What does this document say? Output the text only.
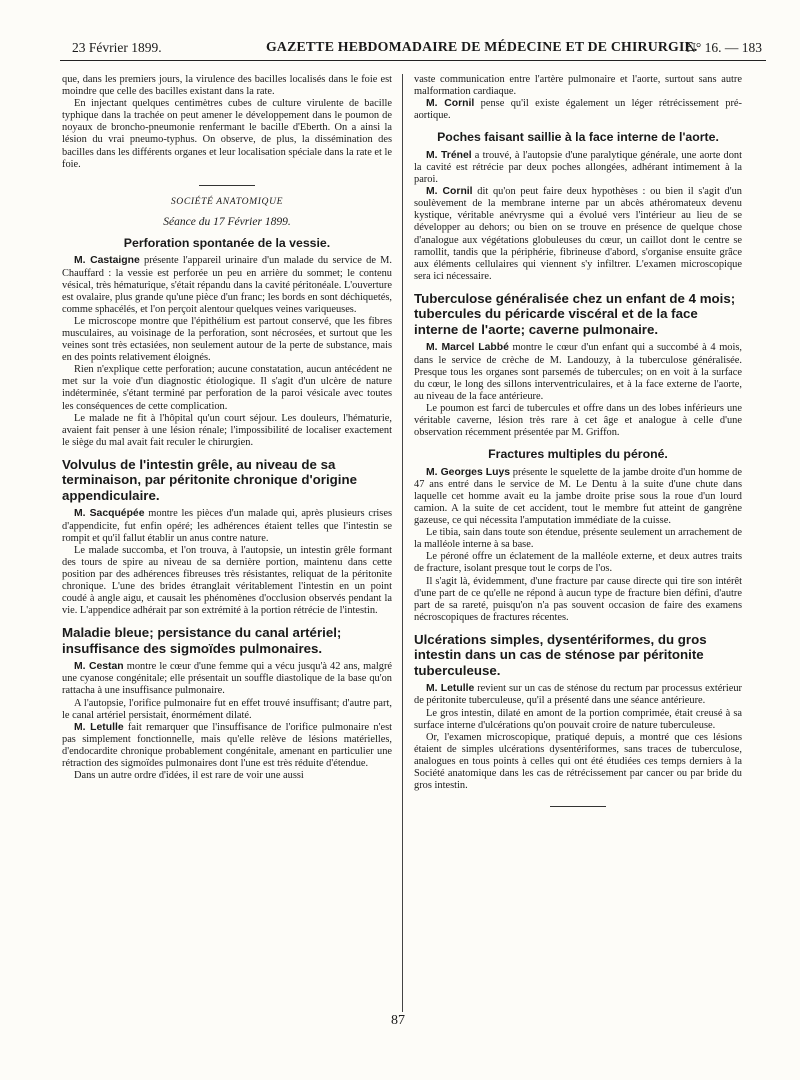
23 Février 1899.	GAZETTE HEBDOMADAIRE DE MÉDECINE ET DE CHIRURGIE.
N° 16. — 183

que, dans les premiers jours, la virulence des bacilles localisés dans le foie est moindre que celle des bacilles existant dans la rate.

En injectant quelques centimètres cubes de culture virulente de bacille typhique dans la trachée on peut amener le développement dans le poumon de noyaux de broncho-pneumonie renfermant le bacille d'Eberth. On a ainsi la lésion du vrai pneumo-typhus. On observe, de plus, la dissémination des bacilles dans les différents organes et leur localisation spéciale dans la rate et le foie.

SOCIÉTÉ ANATOMIQUE
Séance du 17 Février 1899.
Perforation spontanée de la vessie.

M. Castaigne présente l'appareil urinaire d'un malade du service de M. Chauffard : la vessie est perforée un peu en arrière du sommet; le contenu vésical, très hématurique, s'était répandu dans la cavité péritonéale. L'ouverture est ovalaire, plus grande qu'une pièce d'un franc; les bords en sont déchiquetés, comme sphacélés, et l'on perçoit alentour quelques veines variqueuses.

Le microscope montre que l'épithélium est partout conservé, que les fibres musculaires, au voisinage de la perforation, sont nécrosées, et surtout que les veines sont très ectasiées, non seulement autour de la perte de substance, mais en des points relativement éloignés.

Rien n'explique cette perforation; aucune constatation, aucun antécédent ne met sur la voie d'un diagnostic étiologique. Il s'agit d'un ulcère de nature indéterminée, s'étant terminé par perforation de la paroi vésicale avec toutes les conséquences de cette complication.

Le malade ne fit à l'hôpital qu'un court séjour. Les douleurs, l'hématurie, avaient fait penser à une lésion rénale; l'impossibilité de localiser exactement le siège du mal avait fait reculer le chirurgien.

Volvulus de l'intestin grêle, au niveau de sa terminaison, par péritonite chronique d'origine appendiculaire.

M. Sacquépée montre les pièces d'un malade qui, après plusieurs crises d'appendicite, fut enfin opéré; les adhérences étaient telles que l'intestin se rompit et qu'il fallut établir un anus contre nature.

Le malade succomba, et l'on trouva, à l'autopsie, un intestin grêle formant des tours de spire au niveau de sa dernière portion, maintenu dans cette position par des adhérences fibreuses très résistantes, reliquat de la péritonite chronique. L'une des brides étranglait véritablement l'intestin en un point coudé à angle aigu, et causait les phénomènes d'occlusion observés pendant la vie. L'appendice adhérait par son extrémité à la portion rétrécie de l'intestin.

Maladie bleue; persistance du canal artériel; insuffisance des sigmoïdes pulmonaires.

M. Cestan montre le cœur d'une femme qui a vécu jusqu'à 42 ans, malgré une cyanose congénitale; elle présentait un souffle diastolique de la base qu'on rattacha à une insuffisance pulmonaire.

A l'autopsie, l'orifice pulmonaire fut en effet trouvé insuffisant; d'autre part, le canal artériel persistait, énormément dilaté.

M. Letulle fait remarquer que l'insuffisance de l'orifice pulmonaire n'est pas simplement fonctionnelle, mais qu'elle relève de lésions matérielles, d'endocardite chronique probablement congénitale, amenant en particulier une rétraction des sigmoïdes pulmonaires dont l'une est très réduite d'étendue.

Dans un autre ordre d'idées, il est rare de voir une aussi

vaste communication entre l'artère pulmonaire et l'aorte, surtout sans autre malformation cardiaque.

M. Cornil pense qu'il existe également un léger rétrécissement pré-aortique.

Poches faisant saillie à la face interne de l'aorte.

M. Trénel a trouvé, à l'autopsie d'une paralytique générale, une aorte dont la cavité est rétrécie par deux poches allongées, adhérant intimement à la paroi.

M. Cornil dit qu'on peut faire deux hypothèses : ou bien il s'agit d'un soulèvement de la membrane interne par un abcès athéromateux devenu kystique, véritable anévrysme qui a évolué vers l'intérieur au lieu de se développer au dehors; ou bien on se trouve en présence de quelque chose d'analogue aux végétations globuleuses du cœur, un caillot dont le centre se ramollit, tandis que la périphérie, fibrineuse d'abord, s'organise ensuite grâce aux éléments cellulaires qui viennent s'y infiltrer. L'examen microscopique sera ici nécessaire.

Tuberculose généralisée chez un enfant de 4 mois; tubercules du péricarde viscéral et de la face interne de l'aorte; caverne pulmonaire.

M. Marcel Labbé montre le cœur d'un enfant qui a succombé à 4 mois, dans le service de crèche de M. Landouzy, à la tuberculose généralisée. Presque tous les organes sont parsemés de tubercules; on en voit à la surface du cœur, le long des sillons interventriculaires, et à la face externe de l'aorte, au niveau de la face antérieure.

Le poumon est farci de tubercules et offre dans un des lobes inférieurs une véritable caverne, lésion très rare à cet âge et analogue à celle d'une observation récemment présentée par M. Griffon.

Fractures multiples du péroné.

M. Georges Luys présente le squelette de la jambe droite d'un homme de 47 ans entré dans le service de M. Le Dentu à la suite d'une chute dans laquelle cet homme avait eu la jambe droite prise sous la roue d'un lourd camion. A la suite de cet accident, tout le membre fut atteint de gangrène gazeuse, ce qui nécessita l'amputation immédiate de la cuisse.

Le tibia, sain dans toute son étendue, présente seulement un arrachement de la malléole interne à sa base.

Le péroné offre un éclatement de la malléole externe, et deux autres traits de fracture, isolant presque tout le corps de l'os.

Il s'agit là, évidemment, d'une fracture par cause directe qui tire son intérêt d'une part de ce qu'elle ne répond à aucun type de fracture bien défini, d'autre part de sa rareté, puisqu'on n'a pas souvent occasion de faire des examens nécroscopiques de fractures récentes.

Ulcérations simples, dysentériformes, du gros intestin dans un cas de sténose par péritonite tuberculeuse.

M. Letulle revient sur un cas de sténose du rectum par processus extérieur de péritonite tuberculeuse, qu'il a présenté dans une séance antérieure.

Le gros intestin, dilaté en amont de la portion comprimée, était creusé à sa surface interne d'ulcérations qu'on pouvait croire de nature tuberculeuse.

Or, l'examen microscopique, pratiqué depuis, a montré que ces lésions étaient de simples ulcérations dysentériformes, sans traces de tuberculose, analogues en tous points à celles qui ont été étudiées ces temps derniers à la Société anatomique dans les cas de rétrécissement par cancer ou par bride du gros intestin.

87
